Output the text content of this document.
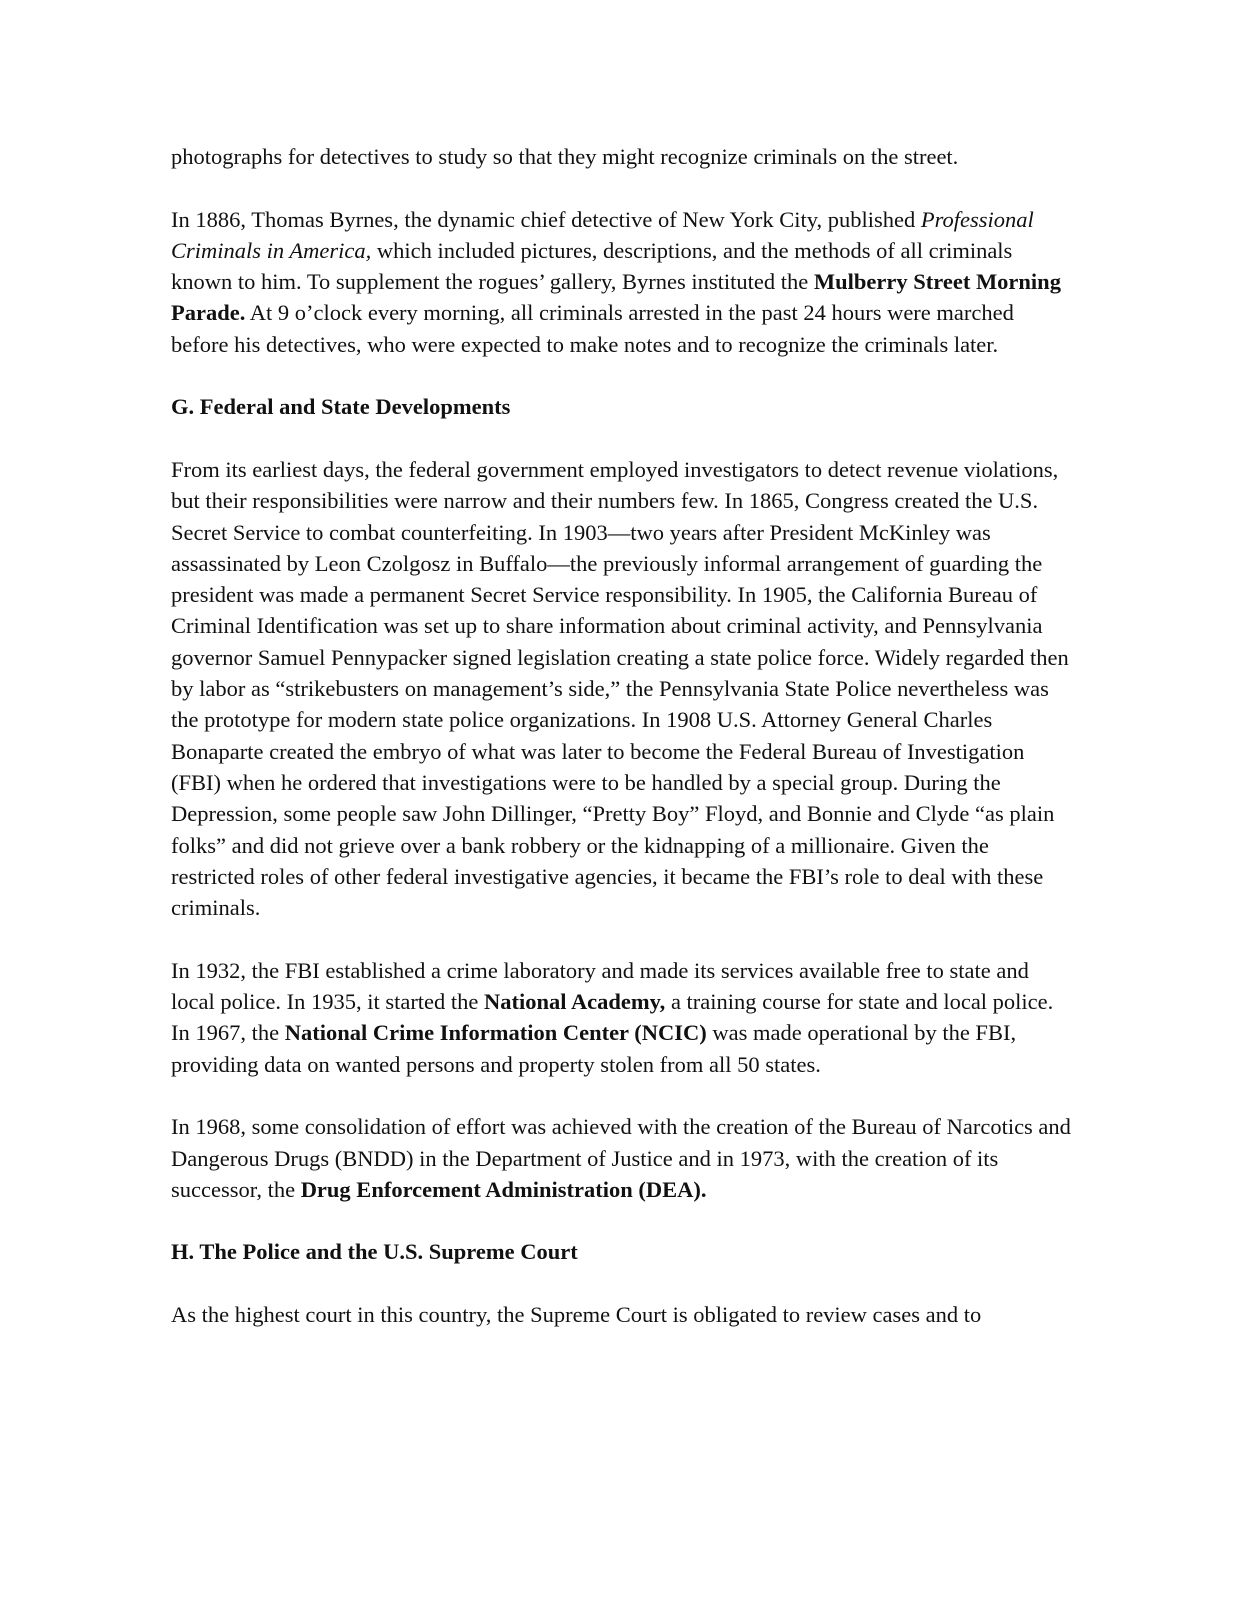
photographs for detectives to study so that they might recognize criminals on the street.

In 1886, Thomas Byrnes, the dynamic chief detective of New York City, published Professional Criminals in America, which included pictures, descriptions, and the methods of all criminals known to him. To supplement the rogues’ gallery, Byrnes instituted the Mulberry Street Morning Parade. At 9 o’clock every morning, all criminals arrested in the past 24 hours were marched before his detectives, who were expected to make notes and to recognize the criminals later.

G. Federal and State Developments

From its earliest days, the federal government employed investigators to detect revenue violations, but their responsibilities were narrow and their numbers few. In 1865, Congress created the U.S. Secret Service to combat counterfeiting. In 1903—two years after President McKinley was assassinated by Leon Czolgosz in Buffalo—the previously informal arrangement of guarding the president was made a permanent Secret Service responsibility. In 1905, the California Bureau of Criminal Identification was set up to share information about criminal activity, and Pennsylvania governor Samuel Pennypacker signed legislation creating a state police force. Widely regarded then by labor as “strikebusters on management’s side,” the Pennsylvania State Police nevertheless was the prototype for modern state police organizations. In 1908 U.S. Attorney General Charles Bonaparte created the embryo of what was later to become the Federal Bureau of Investigation (FBI) when he ordered that investigations were to be handled by a special group. During the Depression, some people saw John Dillinger, “Pretty Boy” Floyd, and Bonnie and Clyde “as plain folks” and did not grieve over a bank robbery or the kidnapping of a millionaire. Given the restricted roles of other federal investigative agencies, it became the FBI’s role to deal with these criminals.

In 1932, the FBI established a crime laboratory and made its services available free to state and local police. In 1935, it started the National Academy, a training course for state and local police. In 1967, the National Crime Information Center (NCIC) was made operational by the FBI, providing data on wanted persons and property stolen from all 50 states.

In 1968, some consolidation of effort was achieved with the creation of the Bureau of Narcotics and Dangerous Drugs (BNDD) in the Department of Justice and in 1973, with the creation of its successor, the Drug Enforcement Administration (DEA).

H. The Police and the U.S. Supreme Court

As the highest court in this country, the Supreme Court is obligated to review cases and to
